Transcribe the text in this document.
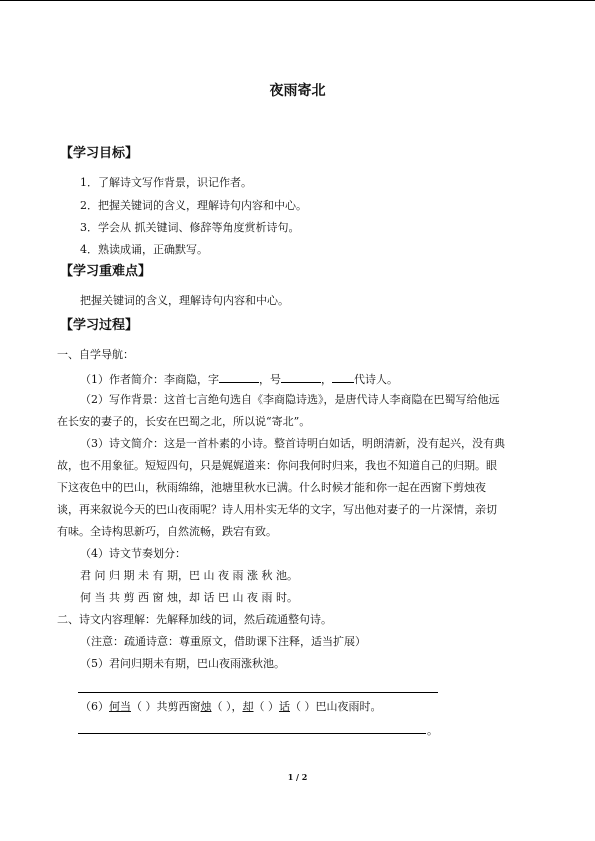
夜雨寄北
【学习目标】
1．了解诗文写作背景，识记作者。
2．把握关键词的含义，理解诗句内容和中心。
3．学会从 抓关键词、修辞等角度赏析诗句。
4．熟读成诵，正确默写。
【学习重难点】
把握关键词的含义，理解诗句内容和中心。
【学习过程】
一、自学导航：
（1）作者简介：李商隐，字	，号	， 代诗人。
（2）写作背景：这首七言绝句选自《李商隐诗选》，是唐代诗人李商隐在巴蜀写给他远
在长安的妻子的，长安在巴蜀之北，所以说“寄北”。
（3）诗文简介：这是一首朴素的小诗。整首诗明白如话，明朗清新，没有起兴，没有典
故，也不用象征。短短四句，只是娓娓道来：你问我何时归来，我也不知道自己的归期。眼
下这夜色中的巴山，秋雨绵绵，池塘里秋水已满。什么时候才能和你一起在西窗下剪烛夜
谈，再来叙说今天的巴山夜雨呢？诗人用朴实无华的文字，写出他对妻子的一片深情，亲切
有味。全诗构思新巧，自然流畅，跌宕有致。
（4）诗文节奏划分：
君 问 归 期 未 有 期，巴 山 夜 雨 涨 秋 池。
何 当 共 剪 西 窗 烛，却 话 巴 山 夜 雨 时。
二、诗文内容理解：先解释加线的词，然后疏通整句诗。
（注意：疏通诗意：尊重原文，借助课下注释，适当扩展）
（5）君问归期未有期，巴山夜雨涨秋池。
（6）何当（ ）共剪西窗烛（ ），却（ ）话（ ）巴山夜雨时。
。
1 / 2
